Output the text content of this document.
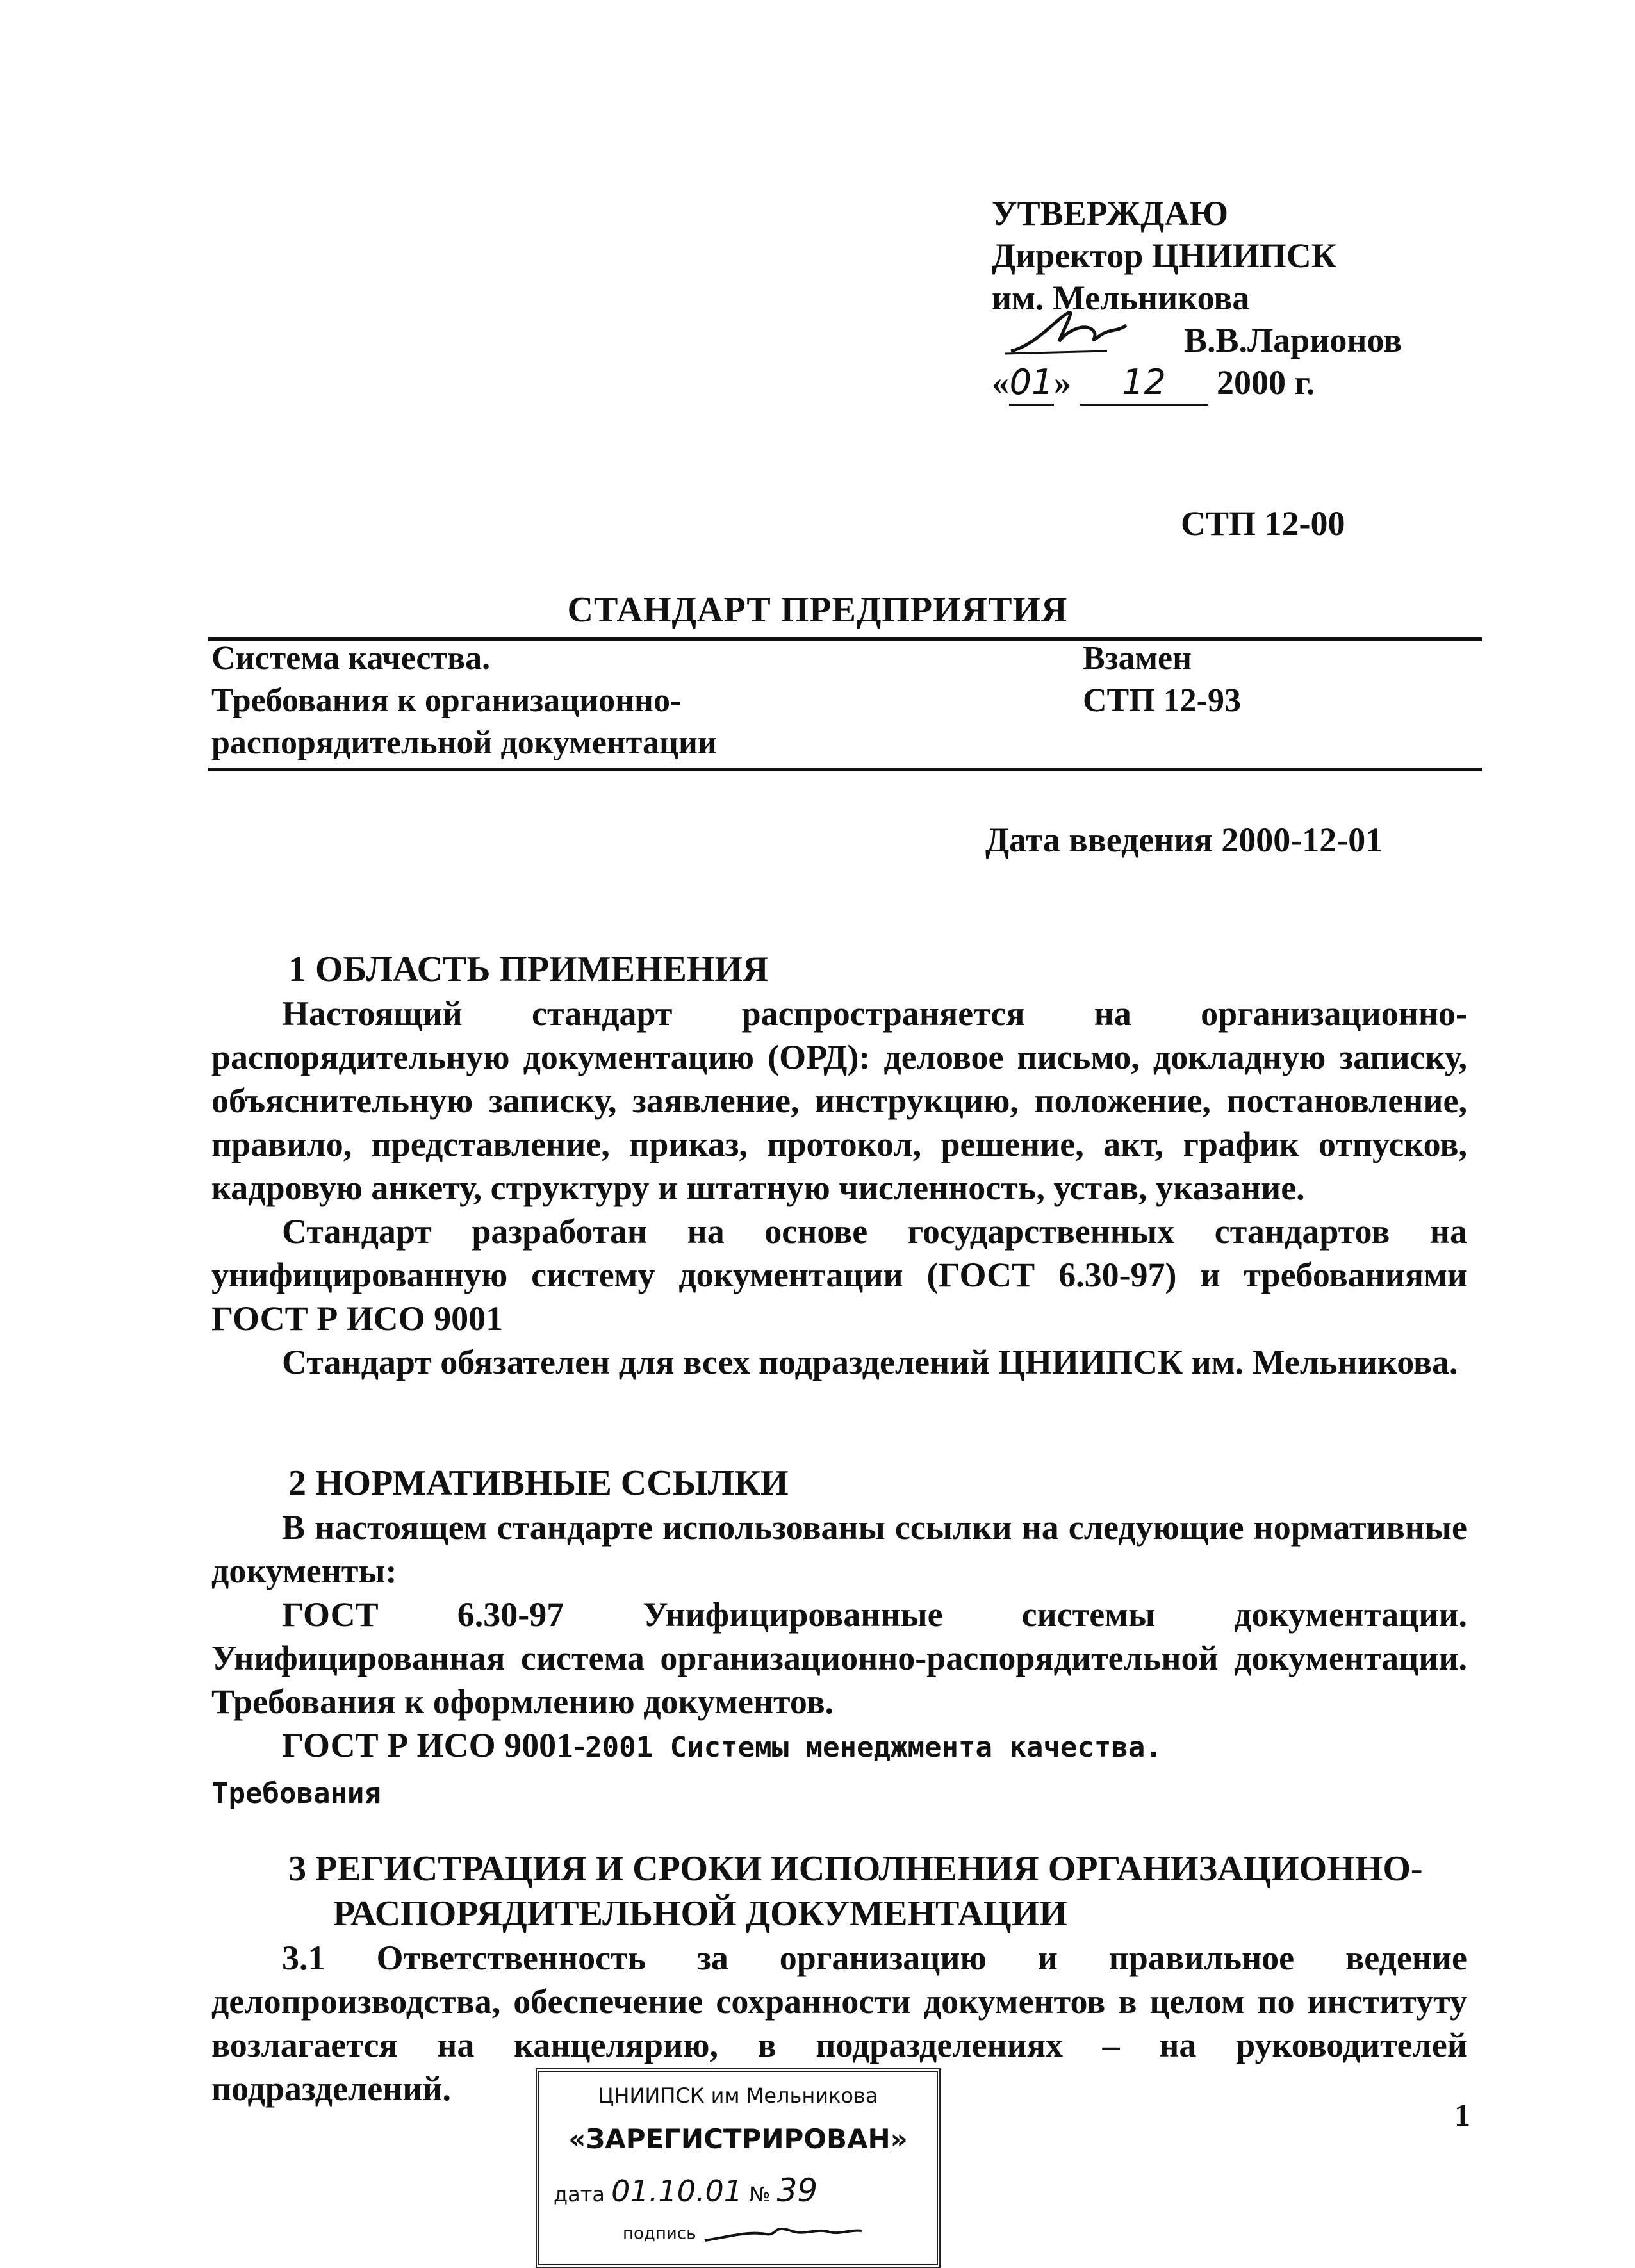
УТВЕРЖДАЮ
Директор ЦНИИПСК
им. Мельникова
В.В.Ларионов
«01» 12 2000 г.
СТП 12-00
СТАНДАРТ ПРЕДПРИЯТИЯ
Система качества.
Требования к организационно-
распорядительной документации
Взамен
СТП 12-93
Дата введения 2000-12-01
1 ОБЛАСТЬ ПРИМЕНЕНИЯ

Настоящий стандарт распространяется на организационно-распорядительную документацию (ОРД): деловое письмо, докладную записку, объяснительную записку, заявление, инструкцию, положение, постановление, правило, представление, приказ, протокол, решение, акт, график отпусков, кадровую анкету, структуру и штатную численность, устав, указание.

Стандарт разработан на основе государственных стандартов на унифицированную систему документации (ГОСТ 6.30-97) и требованиями ГОСТ Р ИСО 9001

Стандарт обязателен для всех подразделений ЦНИИПСК им. Мельникова.

2 НОРМАТИВНЫЕ ССЫЛКИ

В настоящем стандарте использованы ссылки на следующие нормативные документы:

ГОСТ 6.30-97 Унифицированные системы документации. Унифицированная система организационно-распорядительной документации. Требования к оформлению документов.

ГОСТ Р ИСО 9001-2001 Системы менеджмента качества.

Требования

3 РЕГИСТРАЦИЯ И СРОКИ ИСПОЛНЕНИЯ ОРГАНИЗАЦИОННО-
РАСПОРЯДИТЕЛЬНОЙ ДОКУМЕНТАЦИИ

3.1 Ответственность за организацию и правильное ведение делопроизводства, обеспечение сохранности документов в целом по институту возлагается на канцелярию, в подразделениях – на руководителей подразделений.	ЦНИИПСК им Мельникова
«ЗАРЕГИСТРИРОВАН»
дата 01.10.01 № 39
подпись
1
